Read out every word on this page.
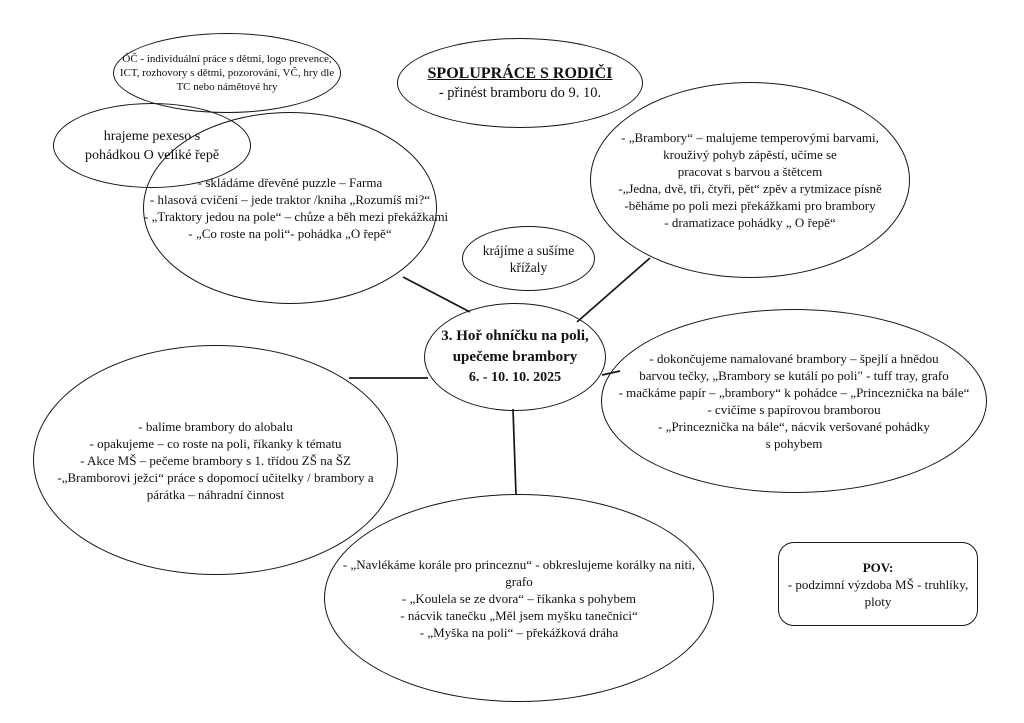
ÓČ - individuální práce s dětmi, logo prevence,
ICT, rozhovory s dětmi, pozorování, VČ, hry dle
TC nebo námětové hry
hrajeme pexeso s
pohádkou O veliké řepě
- skládáme dřevěné puzzle – Farma
- hlasová cvičení – jede traktor /kniha „Rozumíš mi?“
- „Traktory jedou na pole“ – chůze a běh mezi překážkami
- „Co roste na poli“- pohádka „O řepě“
SPOLUPRÁCE S RODIČI
- přinést bramboru do 9. 10.
- „Brambory“ – malujeme temperovými barvami,
krouživý pohyb zápěstí, učíme se
pracovat s barvou a štětcem
-„Jedna, dvě, tři, čtyři, pět“ zpěv a rytmizace písně
-běháme po poli mezi překážkami pro brambory
- dramatizace pohádky „ O řepě“
krájíme a sušíme
křížaly
3. Hoř ohníčku na poli,
upečeme brambory
6. - 10. 10. 2025
- dokončujeme namalované brambory – špejlí a hnědou
barvou tečky, „Brambory se kutálí po poli" - tuff tray, grafo
- mačkáme papír – „brambory“ k pohádce – „Princeznička na bále“
- cvičíme s papírovou bramborou
- „Princeznička na bále“, nácvik veršované pohádky
s pohybem
- balíme brambory do alobalu
- opakujeme – co roste na poli, říkanky k tématu
- Akce MŠ – pečeme brambory s 1. třídou ZŠ na ŠZ
-„Bramborovi ježci“ práce s dopomocí učitelky / brambory a
párátka – náhradní činnost
- „Navlékáme korále pro princeznu“ - obkreslujeme korálky na niti,
grafo
- „Koulela se ze dvora“ – říkanka s pohybem
- nácvik tanečku „Měl jsem myšku tanečnici“
- „Myška na poli“ – překážková dráha
POV:
- podzimní výzdoba MŠ - truhlíky,
ploty
